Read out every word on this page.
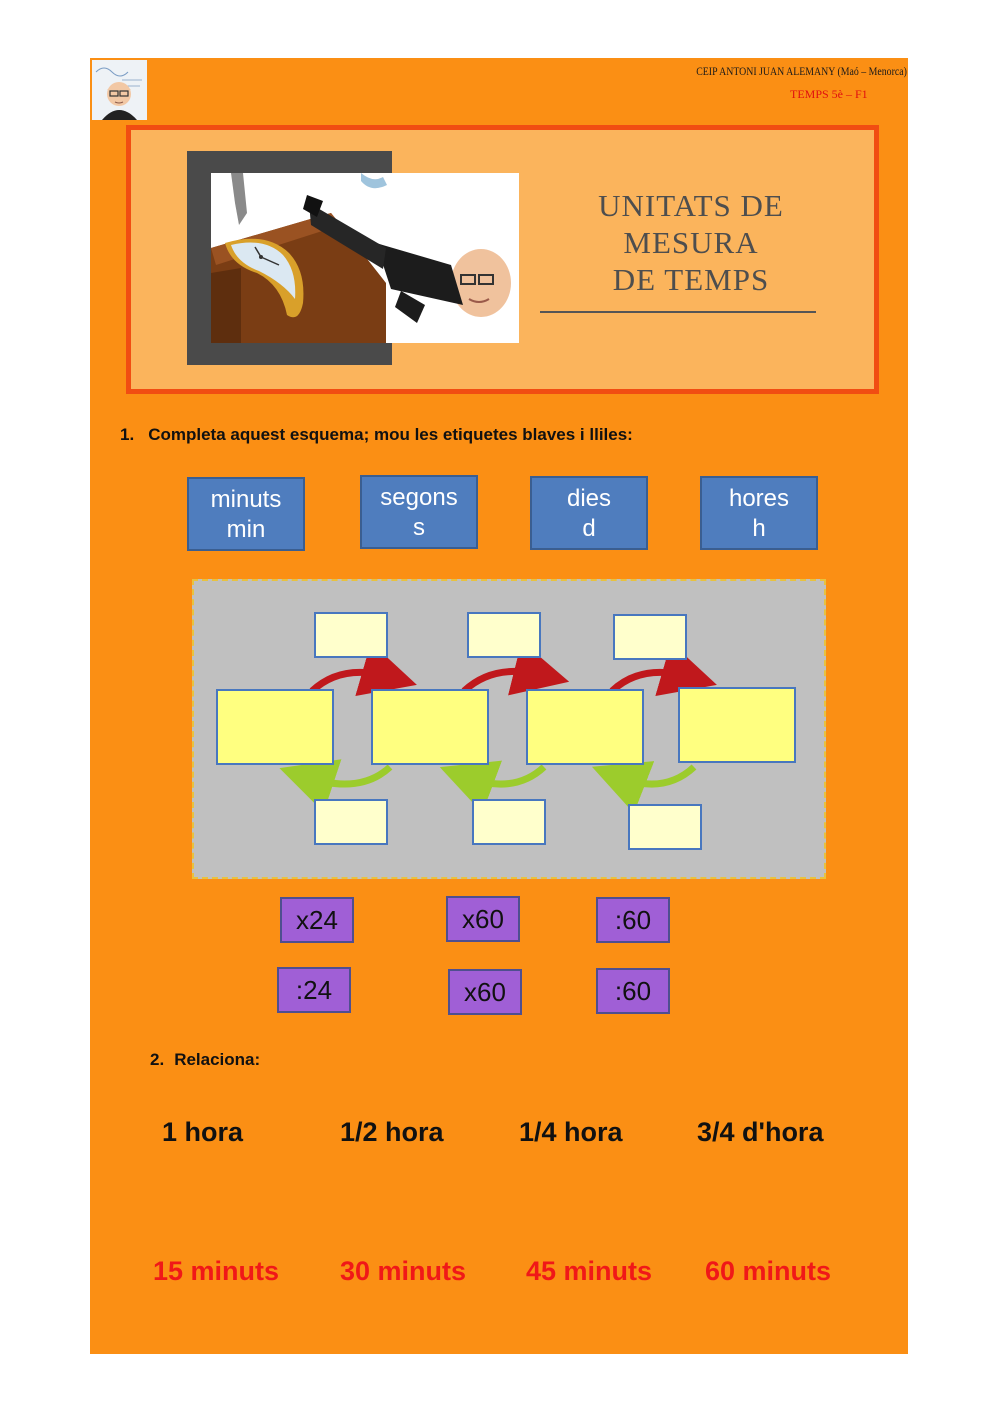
CEIP ANTONI JUAN ALEMANY (Maó – Menorca)
TEMPS 5è – F1
UNITATS DE
MESURA
DE TEMPS
1. Completa aquest esquema; mou les etiquetes blaves i lliles:
minuts
min
segons
s
dies
d
hores
h
x24	x60	:60
:24	x60	:60
2. Relaciona:
1 hora	1/2 hora	1/4 hora	3/4 d'hora
15 minuts 30 minuts 45 minuts 60 minuts
